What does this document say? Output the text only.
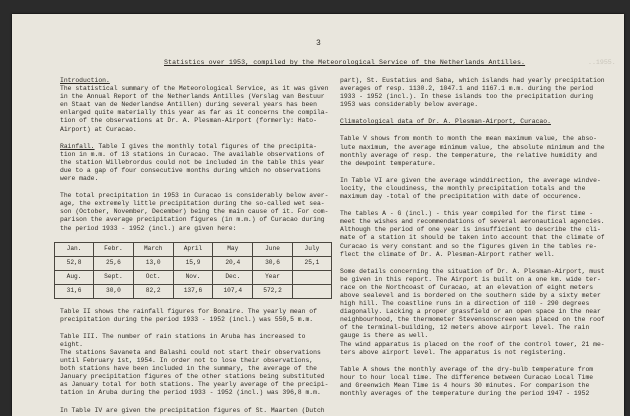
3
Statistics over 1953, compiled by the Meteorological Service of the Netherlands Antilles.	..1955.

Introduction.
The statistical summary of the Meteorological Service, as it was given
in the Annual Report of the Netherlands Antilles (Verslag van Bestuur
en Staat van de Nederlandse Antillen) during several years has been
enlarged quite materially this year as far as it concerns the compila-
tion of the observations at Dr. A. Plesman-Airport (formerly: Hato-
Airport) at Curacao.

Rainfall. Table I gives the monthly total figures of the precipita-
tion in m.m. of 13 stations in Curacao. The available observations of
the station Willebrordus could not be included in the table this year
due to a gap of four consecutive months during which no observations
were made.

The total precipitation in 1953 in Curacao is considerably below aver-
age, the extremely little precipitation during the so-called wet sea-
son (October, November, December) being the main cause of it. For com-
parison the average precipitation figures (in m.m.) of Curacao during
the period 1933 - 1952 (incl.) are given here:

Jan.	Febr.	March	April	May	June	July
52,8	25,6	13,0	15,9	20,4	30,6	25,1
Aug.	Sept.	Oct.	Nov.	Dec.	Year	
31,6	30,0	82,2	137,6	107,4	572,2	

Table II shows the rainfall figures for Bonaire. The yearly mean of
precipitation during the period 1933 - 1952 (incl.) was 550,5 m.m.

Table III. The number of rain stations in Aruba has increased to eight.
The stations Savaneta and Balashi could not start their observations
until February 1st, 1954. In order not to lose their observations,
both stations have been included in the summary, the average of the
January precipitation figures of the other stations being substituted
as January total for both stations. The yearly average of the precipi-
tation in Aruba during the period 1933 - 1952 (incl.) was 396,8 m.m.

In Table IV are given the precipitation figures of St. Maarten (Dutch

part), St. Eustatius and Saba, which islands had yearly precipitation
averages of resp. 1130.2, 1047.1 and 1167.1 m.m. during the period
1933 - 1952 (incl.). In these islands too the precipitation during
1953 was considerably below average.

Climatological data of Dr. A. Plesman-Airport, Curacao.

Table V shows from month to month the mean maximum value, the abso-
lute maximum, the average minimum value, the absolute minimum and the
monthly average of resp. the temperature, the relative humidity and
the dewpoint temperature.

In Table VI are given the average winddirection, the average windve-
locity, the cloudiness, the monthly precipitation totals and the
maximum day -total of the precipitation with date of occurence.

The tables A - G (incl.) - this year compiled for the first time -
meet the wishes and recommendations of several aeronautical agencies.
Although the period of one year is insufficient to describe the cli-
mate of a station it should be taken into account that the climate of
Curacao is very constant and so the figures given in the tables re-
flect the climate of Dr. A. Plesman-Airport rather well.

Some details concerning the situation of Dr. A. Plesman-Airport, must
be given in this report. The Airport is built on a one km. wide ter-
race on the Northcoast of Curacao, at an elevation of eight meters
above sealevel and is bordered on the southern side by a sixty meter
high hill. The coastline runs in a direction of 110 - 290 degrees
diagonally. Lacking a proper grassfield or an open space in the near
neighbourhood, the thermometer Stevensonscreen was placed on the roof
of the terminal-building, 12 meters above airport level. The rain
gauge is there as well.
The wind apparatus is placed on the roof of the control tower, 21 me-
ters above airport level. The apparatus is not registering.

Table A shows the monthly average of the dry-bulb temperature from
hour to hour local time. The difference between Curacao Local Time
and Greenwich Mean Time is 4 hours 30 minutes. For comparison the
monthly averages of the temperature during the period 1947 - 1952
